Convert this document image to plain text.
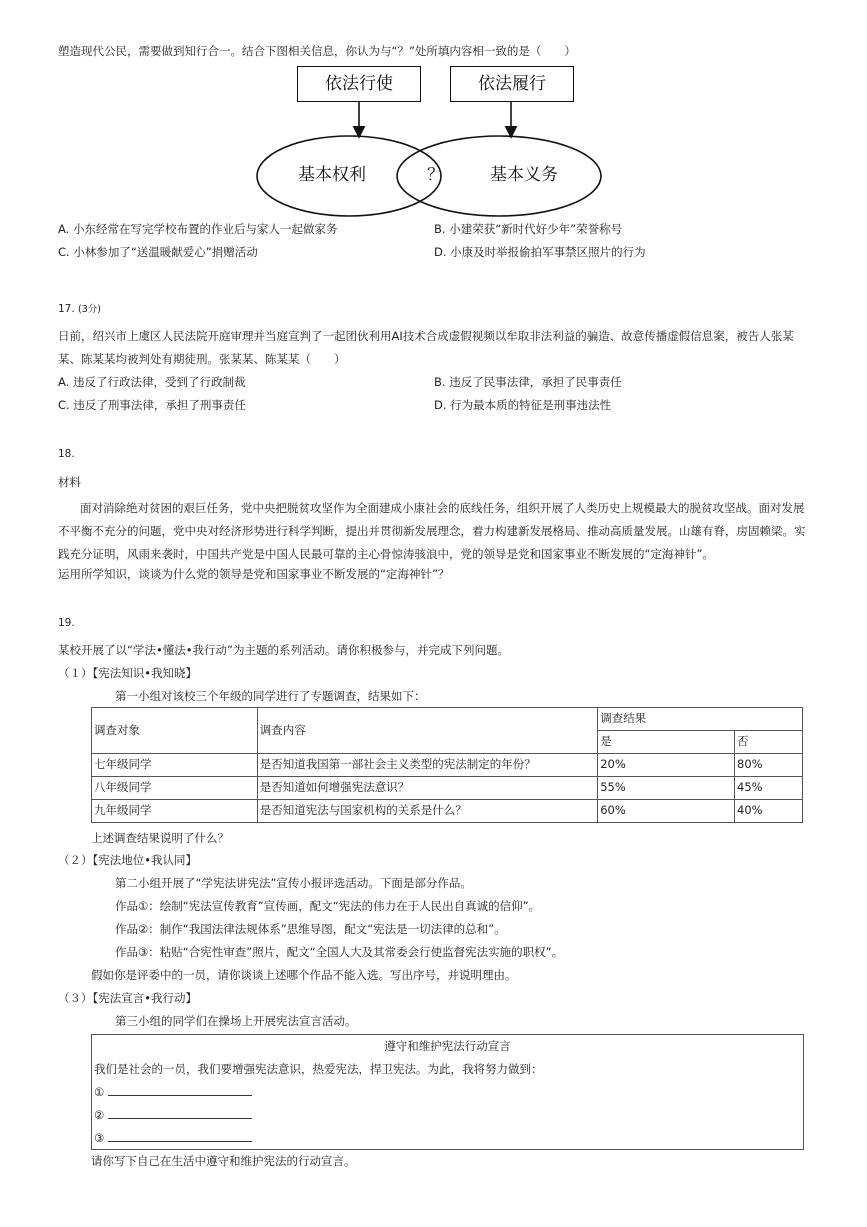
塑造现代公民，需要做到知行合一。结合下图相关信息，你认为与“？”处所填内容相一致的是（　　）
依法行使	依法履行
基本权利	？	基本义务
A. 小东经常在写完学校布置的作业后与家人一起做家务	B. 小建荣获“新时代好少年”荣誉称号
C. 小林参加了“送温暖献爱心”捐赠活动	D. 小康及时举报偷拍军事禁区照片的行为
17. (3分)
日前，绍兴市上虞区人民法院开庭审理并当庭宣判了一起团伙利用AI技术合成虚假视频以牟取非法利益的骗造、故意传播虚假信息案，被告人张某
某、陈某某均被判处有期徒刑。张某某、陈某某（　　）
A. 违反了行政法律，受到了行政制裁	B. 违反了民事法律，承担了民事责任
C. 违反了刑事法律，承担了刑事责任	D. 行为最本质的特征是刑事违法性
18.
材料
面对消除绝对贫困的艰巨任务，党中央把脱贫攻坚作为全面建成小康社会的底线任务，组织开展了人类历史上规模最大的脱贫攻坚战。面对发展不平衡不充分的问题，党中央对经济形势进行科学判断，提出并贯彻新发展理念，着力构建新发展格局、推动高质量发展。山雄有脊，房固赖梁。实践充分证明，风雨来袭时，中国共产党是中国人民最可靠的主心骨惊涛骇浪中，党的领导是党和国家事业不断发展的“定海神针”。
运用所学知识，谈谈为什么党的领导是党和国家事业不断发展的“定海神针”？
19.
某校开展了以“学法•懂法•我行动”为主题的系列活动。请你积极参与，并完成下列问题。
（１）【宪法知识•我知晓】
第一小组对该校三个年级的同学进行了专题调查，结果如下：
调查对象	调查内容	调查结果	
		是	否
七年级同学	是否知道我国第一部社会主义类型的宪法制定的年份？	20%	80%
八年级同学	是否知道如何增强宪法意识？	55%	45%
九年级同学	是否知道宪法与国家机构的关系是什么？	60%	40%
上述调查结果说明了什么？
（２）【宪法地位•我认同】
第二小组开展了“学宪法讲宪法”宣传小报评选活动。下面是部分作品。
作品①：绘制“宪法宣传教育”宣传画，配文“宪法的伟力在于人民出自真诚的信仰”。
作品②：制作“我国法律法规体系”思维导图，配文“宪法是一切法律的总和”。
作品③：粘贴“合宪性审查”照片，配文“全国人大及其常委会行使监督宪法实施的职权”。
假如你是评委中的一员，请你谈谈上述哪个作品不能入选。写出序号，并说明理由。
（３）【宪法宣言•我行动】
第三小组的同学们在操场上开展宪法宣言活动。
遵守和维护宪法行动宣言
我们是社会的一员，我们要增强宪法意识，热爱宪法，捍卫宪法。为此，我将努力做到：
①
②
③
请你写下自己在生活中遵守和维护宪法的行动宣言。
